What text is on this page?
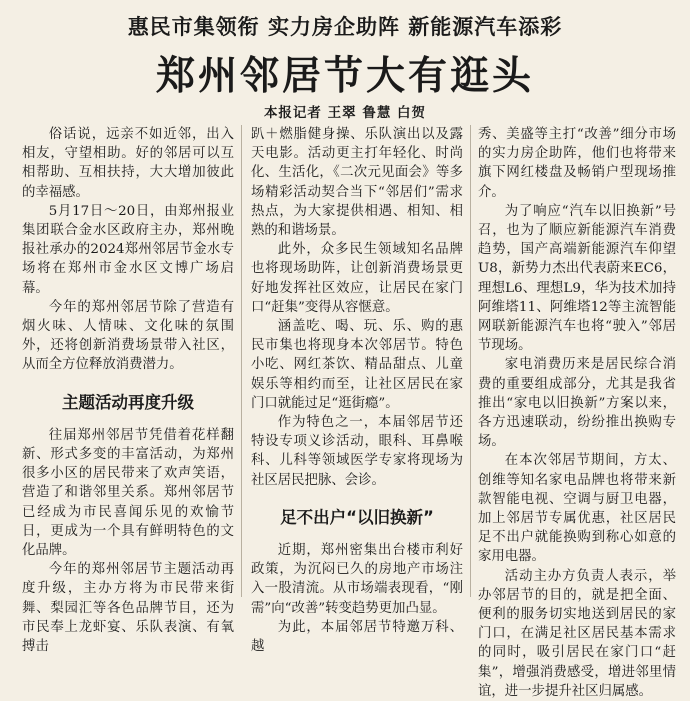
惠民市集领衔 实力房企助阵 新能源汽车添彩
郑州邻居节大有逛头
本报记者 王翠 鲁慧 白贺

俗话说，远亲不如近邻，出入相友，守望相助。好的邻居可以互相帮助、互相扶持，大大增加彼此的幸福感。

5月17日～20日，由郑州报业集团联合金水区政府主办，郑州晚报社承办的2024郑州邻居节金水专场将在郑州市金水区文博广场启幕。

今年的郑州邻居节除了营造有烟火味、人情味、文化味的氛围外，还将创新消费场景带入社区，从而全方位释放消费潜力。

主题活动再度升级

往届郑州邻居节凭借着花样翻新、形式多变的丰富活动，为郑州很多小区的居民带来了欢声笑语，营造了和谐邻里关系。郑州邻居节已经成为市民喜闻乐见的欢愉节日，更成为一个具有鲜明特色的文化品牌。

今年的郑州邻居节主题活动再度升级，主办方将为市民带来街舞、梨园汇等各色品牌节目，还为市民奉上龙虾宴、乐队表演、有氧搏击

趴＋燃脂健身操、乐队演出以及露天电影。活动更主打年轻化、时尚化、生活化，《二次元见面会》等多场精彩活动契合当下“邻居们”需求热点，为大家提供相遇、相知、相熟的和谐场景。

此外，众多民生领域知名品牌也将现场助阵，让创新消费场景更好地发挥社区效应，让居民在家门口“赶集”变得从容惬意。

涵盖吃、喝、玩、乐、购的惠民市集也将现身本次邻居节。特色小吃、网红茶饮、精品甜点、儿童娱乐等相约而至，让社区居民在家门口就能过足“逛街瘾”。

作为特色之一，本届邻居节还特设专项义诊活动，眼科、耳鼻喉科、儿科等领域医学专家将现场为社区居民把脉、会诊。

足不出户“以旧换新”

近期，郑州密集出台楼市利好政策，为沉闷已久的房地产市场注入一股清流。从市场端表现看，“刚需”向“改善”转变趋势更加凸显。

为此，本届邻居节特邀万科、越

秀、美盛等主打“改善”细分市场的实力房企助阵，他们也将带来旗下网红楼盘及畅销户型现场推介。

为了响应“汽车以旧换新”号召，也为了顺应新能源汽车消费趋势，国产高端新能源汽车仰望U8，新势力杰出代表蔚来EC6，理想L6、理想L9，华为技术加持阿维塔11、阿维塔12等主流智能网联新能源汽车也将“驶入”邻居节现场。

家电消费历来是居民综合消费的重要组成部分，尤其是我省推出“家电以旧换新”方案以来，各方迅速联动，纷纷推出换购专场。

在本次邻居节期间，方太、创维等知名家电品牌也将带来新款智能电视、空调与厨卫电器，加上邻居节专属优惠，社区居民足不出户就能换购到称心如意的家用电器。

活动主办方负责人表示，举办邻居节的目的，就是把全面、便利的服务切实地送到居民的家门口，在满足社区居民基本需求的同时，吸引居民在家门口“赶集”，增强消费感受，增进邻里情谊，进一步提升社区归属感。
